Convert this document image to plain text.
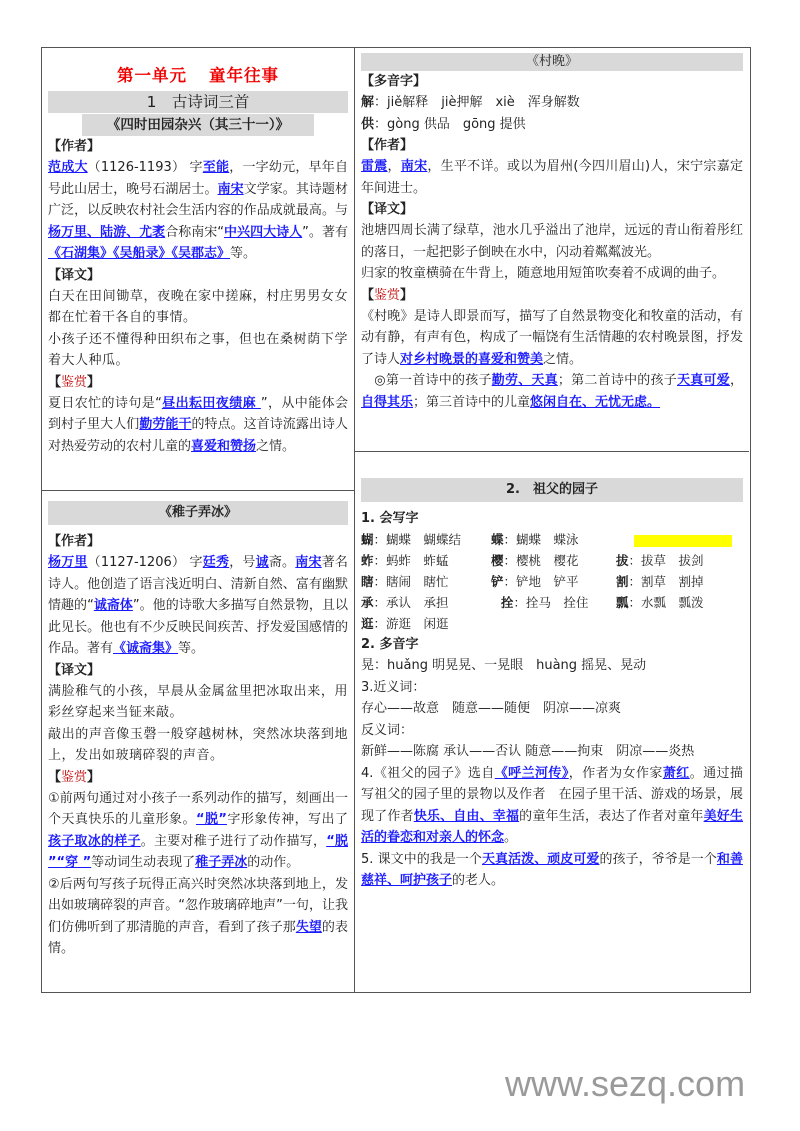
第一单元 童年往事
1　古诗词三首
《四时田园杂兴（其三十一）》
【作者】

范成大（1126-1193） 字至能，一字幼元，早年自号此山居士，晚号石湖居士。南宋文学家。其诗题材广泛，以反映农村社会生活内容的作品成就最高。与杨万里、陆游、尤袤合称南宋“中兴四大诗人”。著有《石湖集》《吴船录》《吴郡志》等。

【译文】

白天在田间锄草，夜晚在家中搓麻，村庄男男女女都在忙着干各自的事情。

小孩子还不懂得种田织布之事，但也在桑树荫下学着大人种瓜。

【鉴赏】

夏日农忙的诗句是“昼出耘田夜绩麻 ”，从中能体会到村子里大人们勤劳能干的特点。这首诗流露出诗人对热爱劳动的农村儿童的喜爱和赞扬之情。

《稚子弄冰》
【作者】

杨万里（1127-1206） 字廷秀，号诚斋。南宋著名诗人。他创造了语言浅近明白、清新自然、富有幽默情趣的“诚斋体”。他的诗歌大多描写自然景物，且以此见长。他也有不少反映民间疾苦、抒发爱国感情的作品。著有《诚斋集》等。

【译文】

满脸稚气的小孩，早晨从金属盆里把冰取出来，用彩丝穿起来当钲来敲。

敲出的声音像玉磬一般穿越树林，突然冰块落到地上，发出如玻璃碎裂的声音。

【鉴赏】

①前两句通过对小孩子一系列动作的描写，刻画出一个天真快乐的儿童形象。“脱”字形象传神，写出了孩子取冰的样子。主要对稚子进行了动作描写，“脱 ”“穿 ”等动词生动表现了稚子弄冰的动作。

②后两句写孩子玩得正高兴时突然冰块落到地上，发出如玻璃碎裂的声音。“忽作玻璃碎地声”一句，让我们仿佛听到了那清脆的声音，看到了孩子那失望的表情。

《村晚》
【多音字】

解：jiě解释　jiè押解　xiè　浑身解数

供：gòng 供品　gōng 提供

【作者】

雷震，南宋，生平不详。或以为眉州(今四川眉山)人，宋宁宗嘉定年间进士。

【译文】

池塘四周长满了绿草，池水几乎溢出了池岸，远远的青山衔着彤红的落日，一起把影子倒映在水中，闪动着粼粼波光。

归家的牧童横骑在牛背上，随意地用短笛吹奏着不成调的曲子。

【鉴赏】

《村晚》是诗人即景而写，描写了自然景物变化和牧童的活动，有动有静，有声有色，构成了一幅饶有生活情趣的农村晚景图，抒发了诗人对乡村晚景的喜爱和赞美之情。

　◎第一首诗中的孩子勤劳、天真；第二首诗中的孩子天真可爱，自得其乐；第三首诗中的儿童悠闲自在、无忧无虑。

2.　祖父的园子
1. 会写字
蝴：蝴蝶　蝴蝶结 蝶：蝴蝶　蝶泳
蚱：蚂蚱　蚱蜢	樱：樱桃　樱花	拔：拔草　拔剑
瞎：瞎闹　瞎忙	铲：铲地　铲平	割：割草　割掉
承：承认　承担	拴：拴马　拴住 瓢：水瓢　瓢泼
逛：游逛　闲逛
2. 多音字

晃：huǎng 明晃晃、一晃眼　huàng 摇晃、晃动

3.近义词：

存心——故意　随意——随便　阴凉——凉爽

反义词：

新鲜——陈腐 承认——否认 随意——拘束　阴凉——炎热

4.《祖父的园子》选自《呼兰河传》，作者为女作家萧红。通过描写祖父的园子里的景物以及作者　在园子里干活、游戏的场景，展现了作者快乐、自由、幸福的童年生活，表达了作者对童年美好生活的眷恋和对亲人的怀念。

5. 课文中的我是一个天真活泼、顽皮可爱的孩子，爷爷是一个和善慈祥、呵护孩子的老人。

www.sezq.com
